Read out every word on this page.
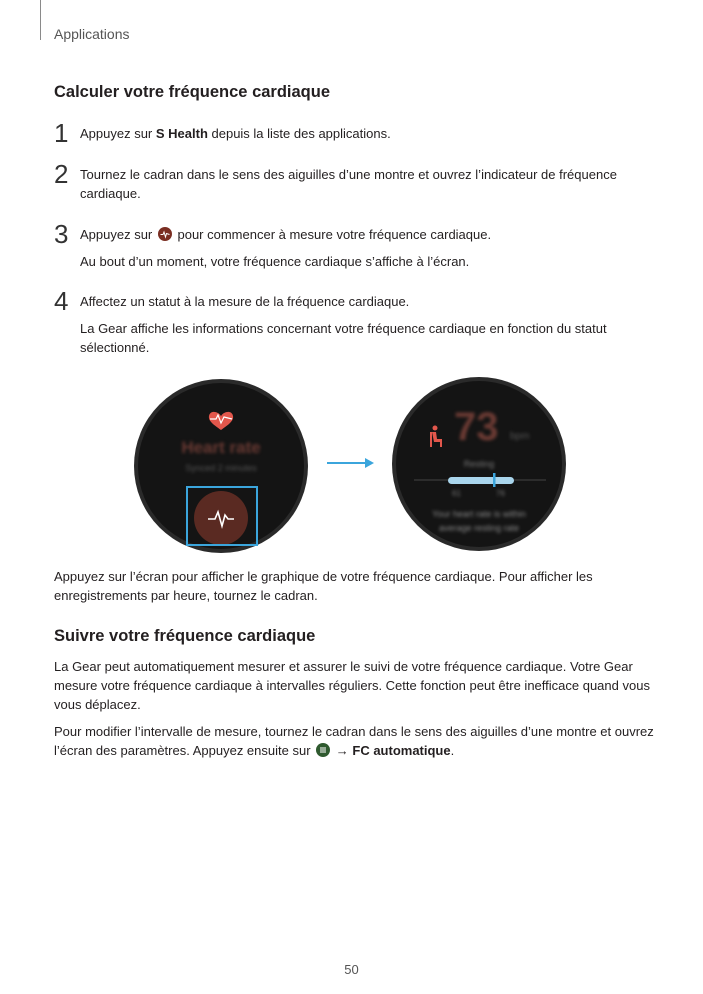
Applications
Calculer votre fréquence cardiaque
1 Appuyez sur S Health depuis la liste des applications.

2 Tournez le cadran dans le sens des aiguilles d’une montre et ouvrez l’indicateur de fréquence cardiaque.

3 Appuyez sur
pour commencer à mesure votre fréquence cardiaque.

Au bout d’un moment, votre fréquence cardiaque s’affiche à l’écran.

4 Affectez un statut à la mesure de la fréquence cardiaque.

La Gear affiche les informations concernant votre fréquence cardiaque en fonction du statut sélectionné.

Heart rate
Synced 2 minutes
73 bpm
Resting
61	76
Your heart rate is within
average resting rate

Appuyez sur l’écran pour afficher le graphique de votre fréquence cardiaque. Pour afficher les enregistrements par heure, tournez le cadran.

Suivre votre fréquence cardiaque

La Gear peut automatiquement mesurer et assurer le suivi de votre fréquence cardiaque. Votre Gear mesure votre fréquence cardiaque à intervalles réguliers. Cette fonction peut être inefficace quand vous vous déplacez.

Pour modifier l’intervalle de mesure, tournez le cadran dans le sens des aiguilles d’une montre et ouvrez l’écran des paramètres. Appuyez ensuite sur
→ FC automatique.

50
